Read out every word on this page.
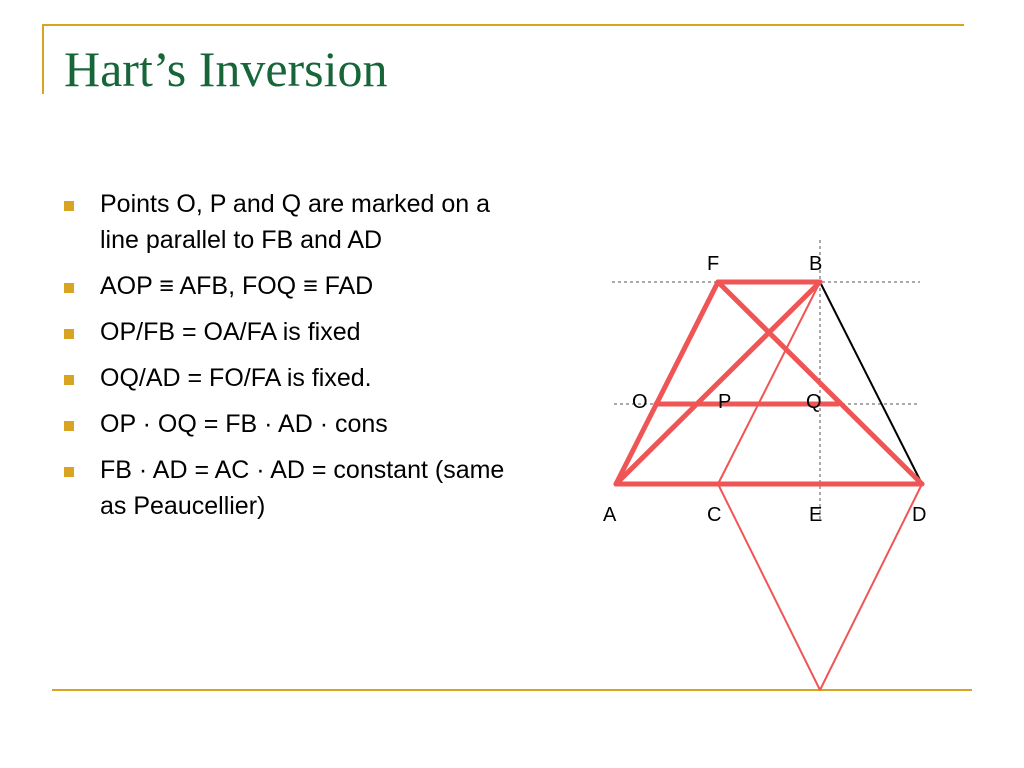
Hart’s Inversion
Points O, P and Q are marked on a line parallel to FB and AD
AOP ≡ AFB, FOQ ≡ FAD
OP/FB = OA/FA is fixed
OQ/AD = FO/FA is fixed.
OP · OQ = FB · AD · cons
FB · AD = AC · AD = constant (same as Peaucellier)
F	B
O	P	Q
A	C	E	D
